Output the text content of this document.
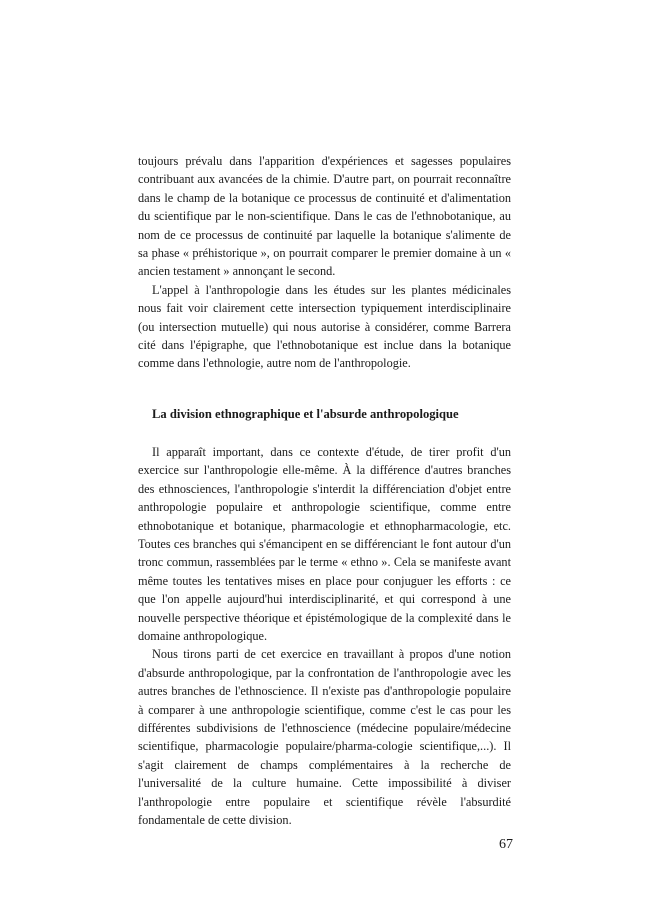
toujours prévalu dans l'apparition d'expériences et sagesses populaires contribuant aux avancées de la chimie. D'autre part, on pourrait reconnaître dans le champ de la botanique ce processus de continuité et d'alimentation du scientifique par le non-scientifique. Dans le cas de l'ethnobotanique, au nom de ce processus de continuité par laquelle la botanique s'alimente de sa phase « préhistorique », on pourrait comparer le premier domaine à un « ancien testament » annonçant le second.

L'appel à l'anthropologie dans les études sur les plantes médicinales nous fait voir clairement cette intersection typiquement interdisciplinaire (ou intersection mutuelle) qui nous autorise à considérer, comme Barrera cité dans l'épigraphe, que l'ethnobotanique est inclue dans la botanique comme dans l'ethnologie, autre nom de l'anthropologie.

La division ethnographique et l'absurde anthropologique

Il apparaît important, dans ce contexte d'étude, de tirer profit d'un exercice sur l'anthropologie elle-même. À la différence d'autres branches des ethnosciences, l'anthropologie s'interdit la différenciation d'objet entre anthropologie populaire et anthropologie scientifique, comme entre ethnobotanique et botanique, pharmacologie et ethnopharmacologie, etc. Toutes ces branches qui s'émancipent en se différenciant le font autour d'un tronc commun, rassemblées par le terme « ethno ». Cela se manifeste avant même toutes les tentatives mises en place pour conjuguer les efforts : ce que l'on appelle aujourd'hui interdisciplinarité, et qui correspond à une nouvelle perspective théorique et épistémologique de la complexité dans le domaine anthropologique.

Nous tirons parti de cet exercice en travaillant à propos d'une notion d'absurde anthropologique, par la confrontation de l'anthropologie avec les autres branches de l'ethnoscience. Il n'existe pas d'anthropologie populaire à comparer à une anthropologie scientifique, comme c'est le cas pour les différentes subdivisions de l'ethnoscience (médecine populaire/médecine scientifique, pharmacologie populaire/pharma-cologie scientifique,...). Il s'agit clairement de champs complémentaires à la recherche de l'universalité de la culture humaine. Cette impossibilité à diviser l'anthropologie entre populaire et scientifique révèle l'absurdité fondamentale de cette division.

67
